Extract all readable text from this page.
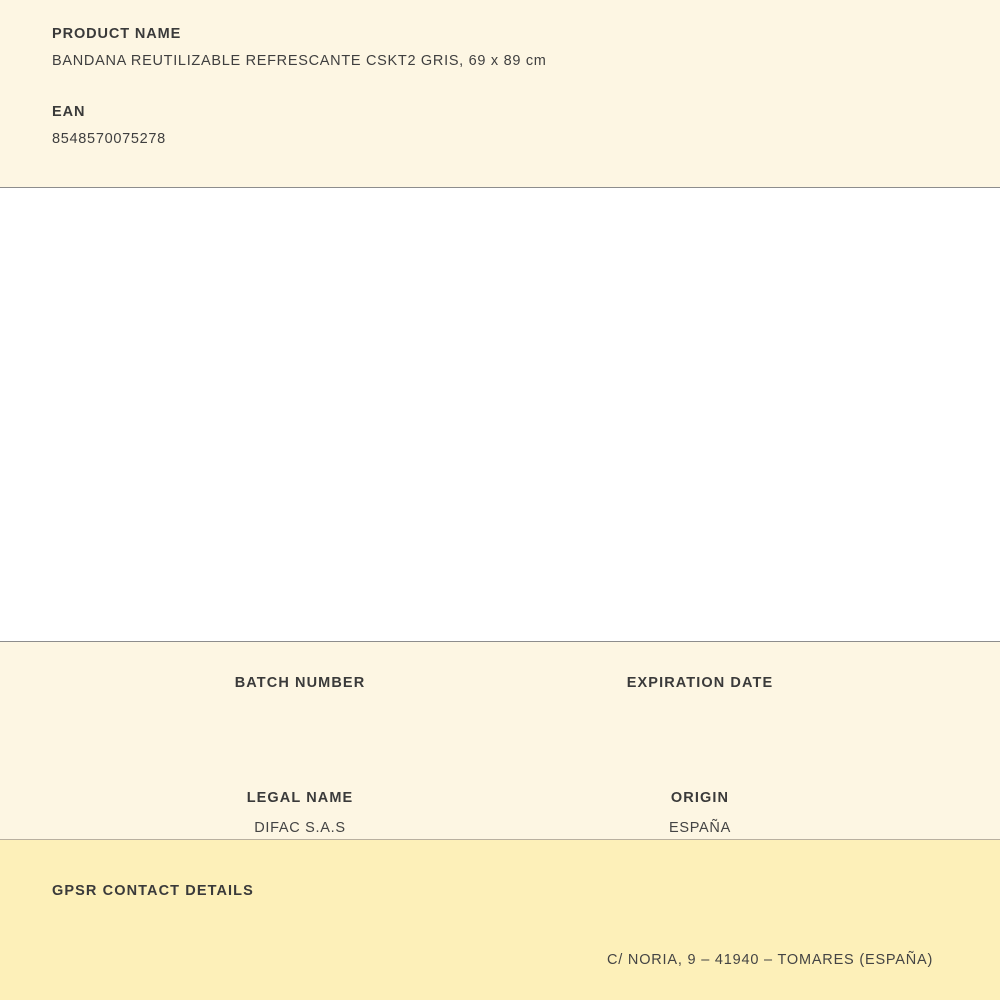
PRODUCT NAME
BANDANA REUTILIZABLE REFRESCANTE CSKT2 GRIS, 69 x 89 cm
EAN
8548570075278
BATCH NUMBER	EXPIRATION DATE
LEGAL NAME
DIFAC S.A.S
ORIGIN
ESPAÑA
GPSR CONTACT DETAILS
C/ NORIA, 9 – 41940 – TOMARES (ESPAÑA)
